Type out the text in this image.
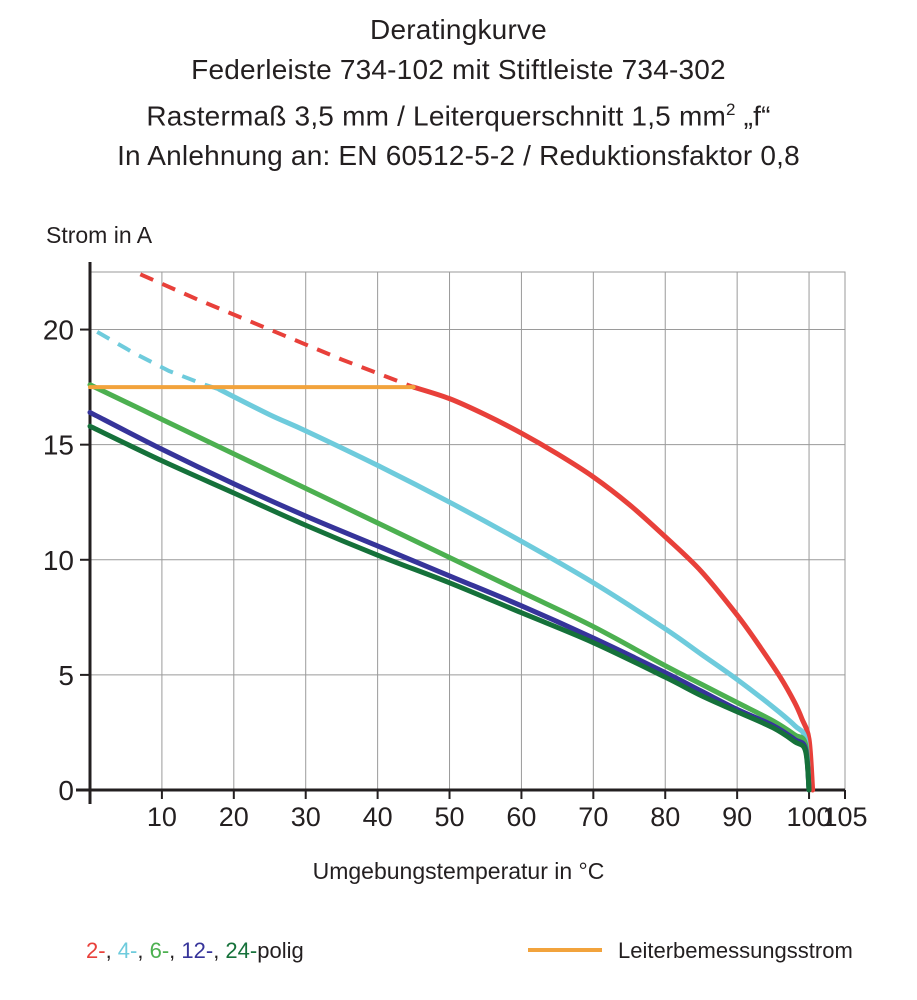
Deratingkurve
Federleiste 734-102 mit Stiftleiste 734-302
Rastermaß 3,5 mm / Leiterquerschnitt 1,5 $mm^2$ „f“
In Anlehnung an: EN 60512-5-2 / Reduktionsfaktor 0,8
Strom in A
Umgebungstemperatur in °C
10 20 30 40 50 60 70 80 90 100
105
0
5
10
15
20
2-, 4-, 6-, 12-, 24-polig	Leiterbemessungsstrom
